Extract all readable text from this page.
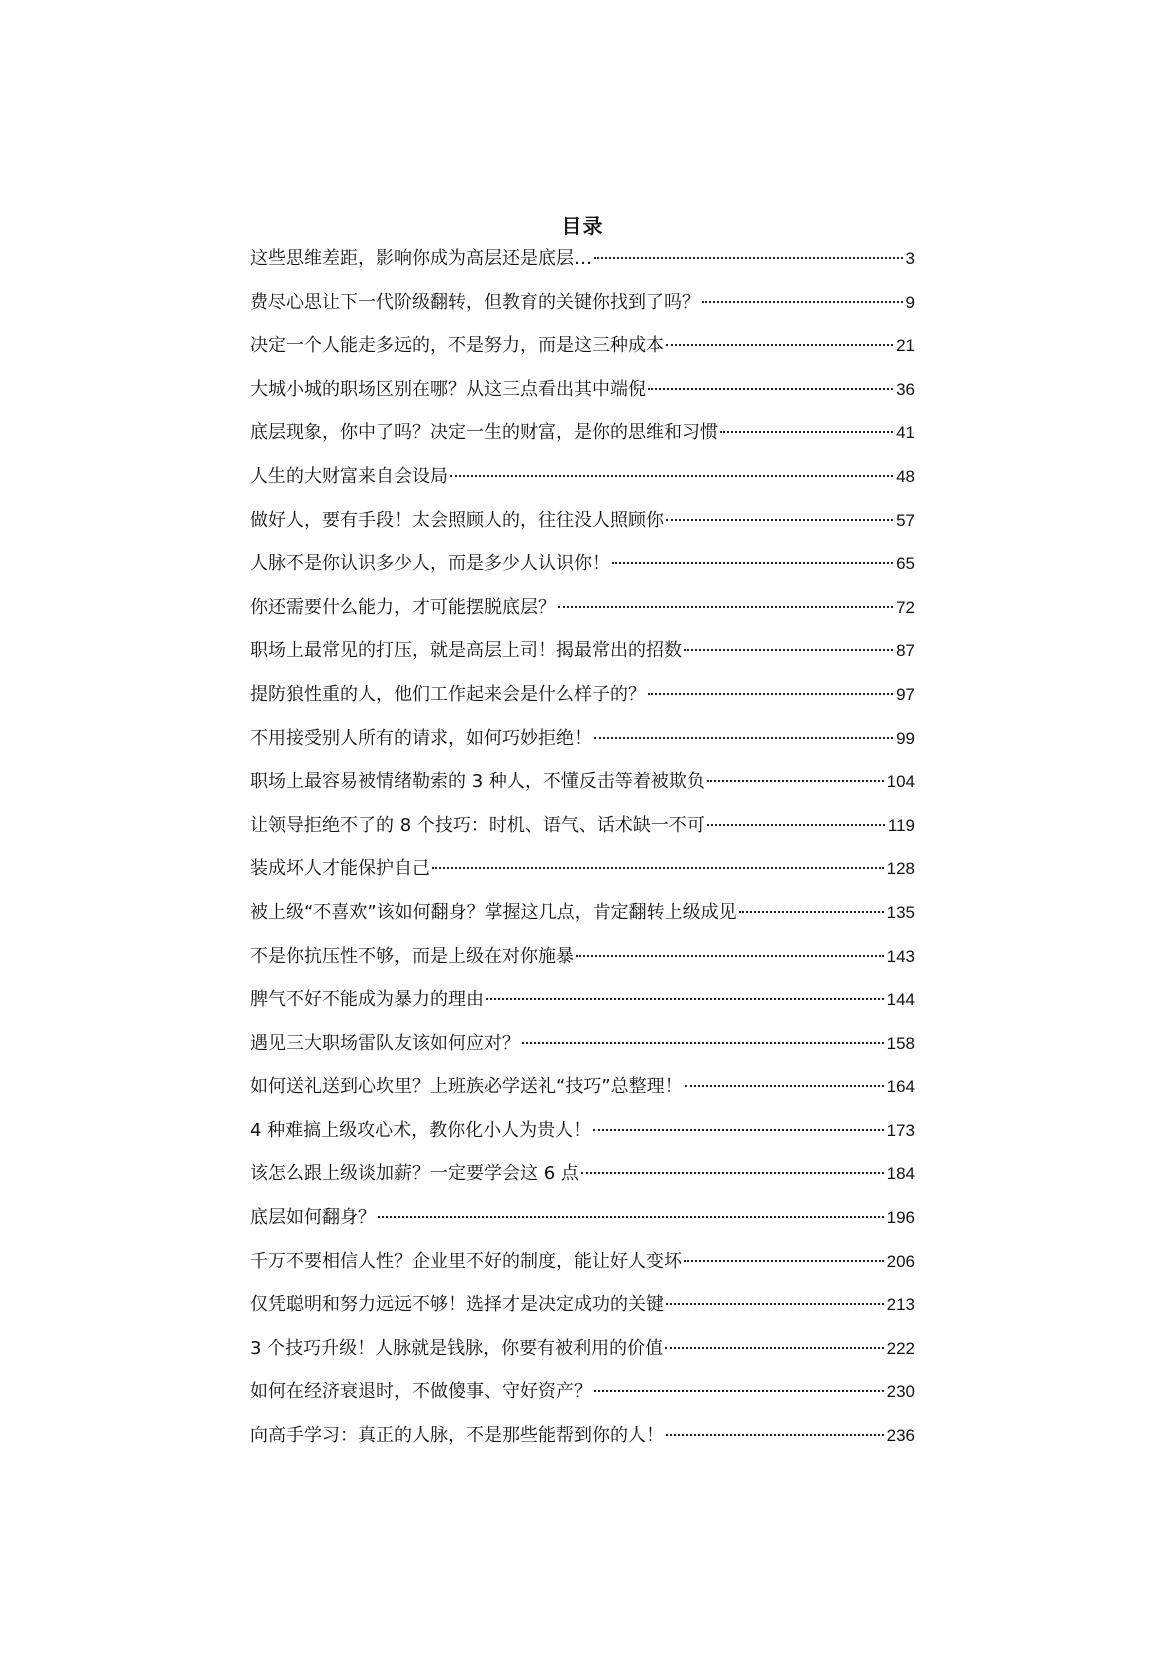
目录
这些思维差距，影响你成为高层还是底层…	3
费尽心思让下一代阶级翻转，但教育的关键你找到了吗？	9
决定一个人能走多远的，不是努力，而是这三种成本	21
大城小城的职场区别在哪？从这三点看出其中端倪	36
底层现象，你中了吗？决定一生的财富，是你的思维和习惯	41
人生的大财富来自会设局	48
做好人，要有手段！太会照顾人的，往往没人照顾你	57
人脉不是你认识多少人，而是多少人认识你！	65
你还需要什么能力，才可能摆脱底层？	72
职场上最常见的打压，就是高层上司！揭最常出的招数	87
提防狼性重的人，他们工作起来会是什么样子的？	97
不用接受别人所有的请求，如何巧妙拒绝！	99
职场上最容易被情绪勒索的 3 种人，不懂反击等着被欺负	104
让领导拒绝不了的 8 个技巧：时机、语气、话术缺一不可	119
装成坏人才能保护自己	128
被上级“不喜欢”该如何翻身？掌握这几点，肯定翻转上级成见	135
不是你抗压性不够，而是上级在对你施暴	143
脾气不好不能成为暴力的理由	144
遇见三大职场雷队友该如何应对？	158
如何送礼送到心坎里？上班族必学送礼“技巧”总整理！	164
4 种难搞上级攻心术，教你化小人为贵人！	173
该怎么跟上级谈加薪？一定要学会这 6 点	184
底层如何翻身？	196
千万不要相信人性？企业里不好的制度，能让好人变坏	206
仅凭聪明和努力远远不够！选择才是决定成功的关键	213
3 个技巧升级！人脉就是钱脉，你要有被利用的价值	222
如何在经济衰退时，不做傻事、守好资产？	230
向高手学习：真正的人脉，不是那些能帮到你的人！	236
